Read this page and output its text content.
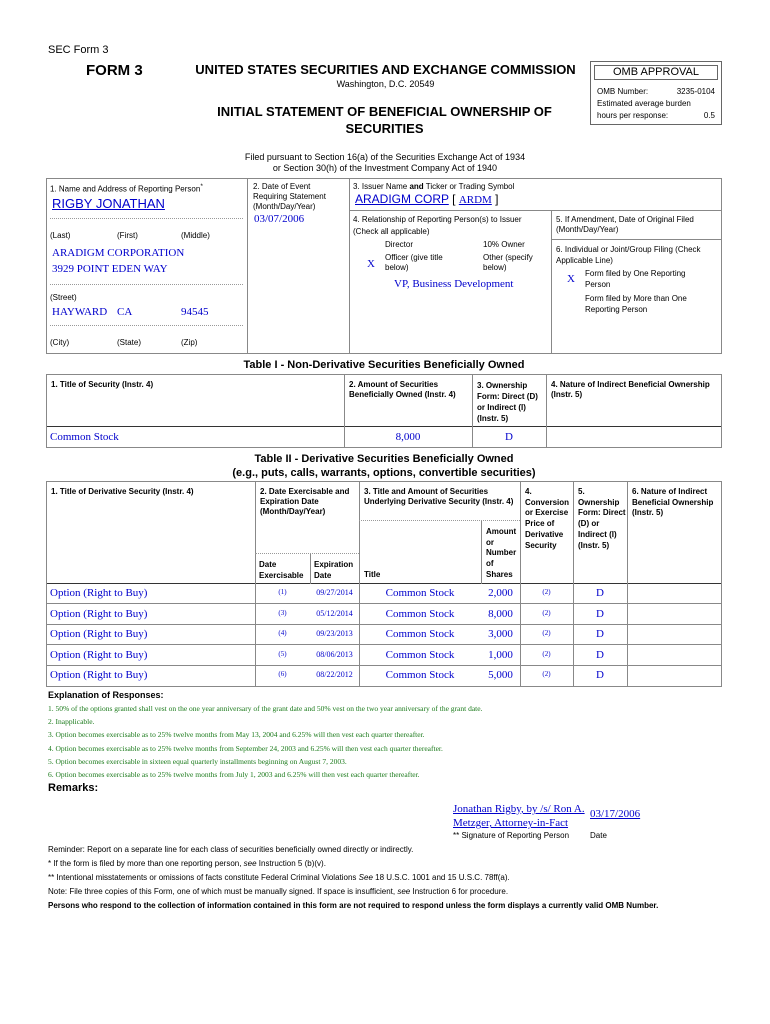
SEC Form 3
FORM 3	UNITED STATES SECURITIES AND EXCHANGE COMMISSION
Washington, D.C. 20549
INITIAL STATEMENT OF BENEFICIAL OWNERSHIP OF SECURITIES
Filed pursuant to Section 16(a) of the Securities Exchange Act of 1934
or Section 30(h) of the Investment Company Act of 1940
OMB APPROVAL
OMB Number:	3235-0104
Estimated average burden
hours per response:	0.5
1. Name and Address of Reporting Person*
RIGBY JONATHAN
(Last)	(First)	(Middle)
ARADIGM CORPORATION
3929 POINT EDEN WAY
(Street)
HAYWARD CA	94545
(City)	(State)	(Zip)
2. Date of Event Requiring Statement (Month/Day/Year)
03/07/2006
3. Issuer Name and Ticker or Trading Symbol
ARADIGM CORP [ ARDM ]
4. Relationship of Reporting Person(s) to Issuer
(Check all applicable)
Director	10% Owner
X
Officer (give title below)
Other (specify below)
VP, Business Development
5. If Amendment, Date of Original Filed (Month/Day/Year)
6. Individual or Joint/Group Filing (Check Applicable Line)
X Form filed by One Reporting Person
Form filed by More than One Reporting Person
Table I - Non-Derivative Securities Beneficially Owned
1. Title of Security (Instr. 4)	2. Amount of Securities Beneficially Owned (Instr. 4)
3. Ownership Form: Direct (D) or Indirect (I) (Instr. 5)
4. Nature of Indirect Beneficial Ownership (Instr. 5)
Common Stock	8,000	D
Table II - Derivative Securities Beneficially Owned
(e.g., puts, calls, warrants, options, convertible securities)
1. Title of Derivative Security (Instr. 4)	2. Date Exercisable and Expiration Date (Month/Day/Year)
3. Title and Amount of Securities Underlying Derivative Security (Instr. 4)
4. Conversion or Exercise Price of Derivative Security
5. Ownership Form: Direct (D) or Indirect (I) (Instr. 5)
6. Nature of Indirect Beneficial Ownership (Instr. 5)
Date Exercisable
Expiration Date	Title
Amount or Number of Shares
Option (Right to Buy)	(1)	09/27/2014	Common Stock	2,000	(2)	D
Option (Right to Buy)	(3)	05/12/2014	Common Stock	8,000	(2)	D
Option (Right to Buy)	(4)	09/23/2013	Common Stock	3,000	(2)	D
Option (Right to Buy)	(5)	08/06/2013	Common Stock	1,000	(2)	D
Option (Right to Buy)	(6)	08/22/2012	Common Stock	5,000	(2)	D
Explanation of Responses:
1. 50% of the options granted shall vest on the one year anniversary of the grant date and 50% vest on the two year anniversary of the grant date.
2. Inapplicable.
3. Option becomes exercisable as to 25% twelve months from May 13, 2004 and 6.25% will then vest each quarter thereafter.
4. Option becomes exercisable as to 25% twelve months from September 24, 2003 and 6.25% will then vest each quarter thereafter.
5. Option becomes exercisable in sixteen equal quarterly installments beginning on August 7, 2003.
6. Option becomes exercisable as to 25% twelve months from July 1, 2003 and 6.25% will then vest each quarter thereafter.
Remarks:
Jonathan Rigby, by /s/ Ron A.
Metzger, Attorney-in-Fact
03/17/2006
** Signature of Reporting Person	Date
Reminder: Report on a separate line for each class of securities beneficially owned directly or indirectly.
* If the form is filed by more than one reporting person, see Instruction 5 (b)(v).
** Intentional misstatements or omissions of facts constitute Federal Criminal Violations See 18 U.S.C. 1001 and 15 U.S.C. 78ff(a).
Note: File three copies of this Form, one of which must be manually signed. If space is insufficient, see Instruction 6 for procedure.
Persons who respond to the collection of information contained in this form are not required to respond unless the form displays a currently valid OMB Number.
